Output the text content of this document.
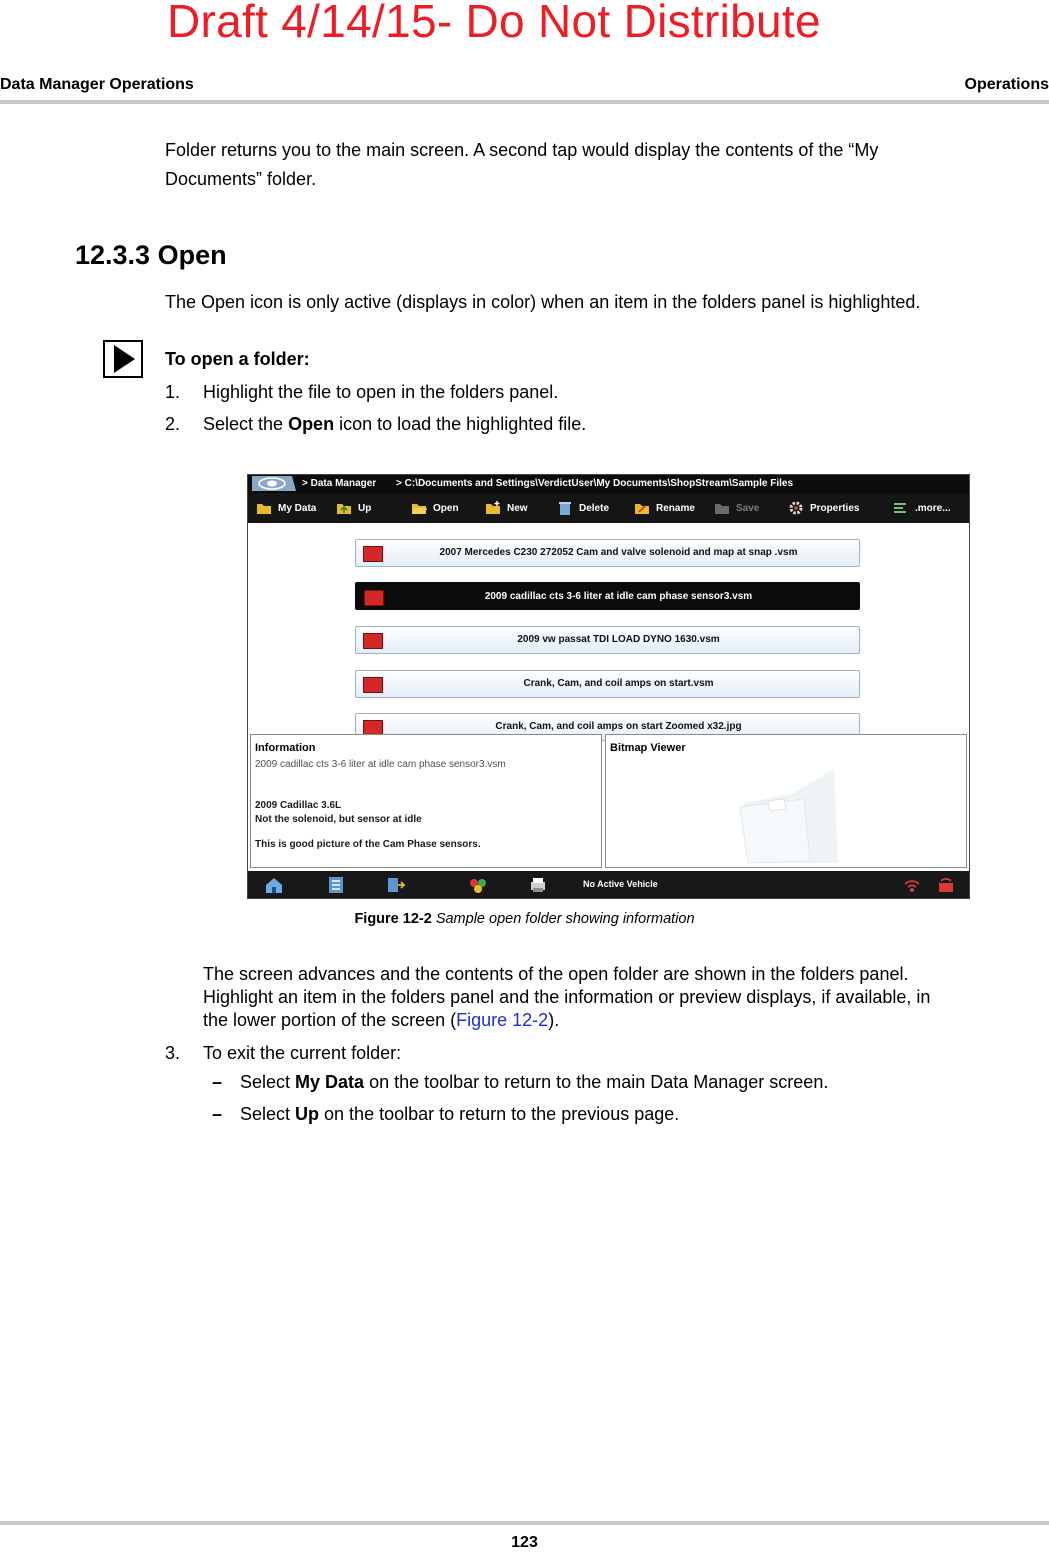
Draft 4/14/15- Do Not Distribute
Data Manager Operations	Operations
Folder returns you to the main screen. A second tap would display the contents of the “My
Documents” folder.
12.3.3 Open
The Open icon is only active (displays in color) when an item in the folders panel is highlighted.
To open a folder:
1. Highlight the file to open in the folders panel.
2. Select the Open icon to load the highlighted file.
> Data Manager > C:\Documents and Settings\VerdictUser\My Documents\ShopStream\Sample Files
My Data	Up	Open	New	Delete	Rename	Save	Properties	.more...
2007 Mercedes C230 272052 Cam and valve solenoid and map at snap .vsm
2009 cadillac cts 3-6 liter at idle cam phase sensor3.vsm
2009 vw passat TDI LOAD DYNO 1630.vsm
Crank, Cam, and coil amps on start.vsm
Crank, Cam, and coil amps on start Zoomed x32.jpg
Information
2009 cadillac cts 3-6 liter at idle cam phase sensor3.vsm
2009 Cadillac 3.6L
Not the solenoid, but sensor at idle
This is good picture of the Cam Phase sensors.
Bitmap Viewer
No Active Vehicle
Figure 12-2 Sample open folder showing information
The screen advances and the contents of the open folder are shown in the folders panel.
Highlight an item in the folders panel and the information or preview displays, if available, in
the lower portion of the screen (Figure 12-2).
3. To exit the current folder:
– Select My Data on the toolbar to return to the main Data Manager screen.
– Select Up on the toolbar to return to the previous page.
123
